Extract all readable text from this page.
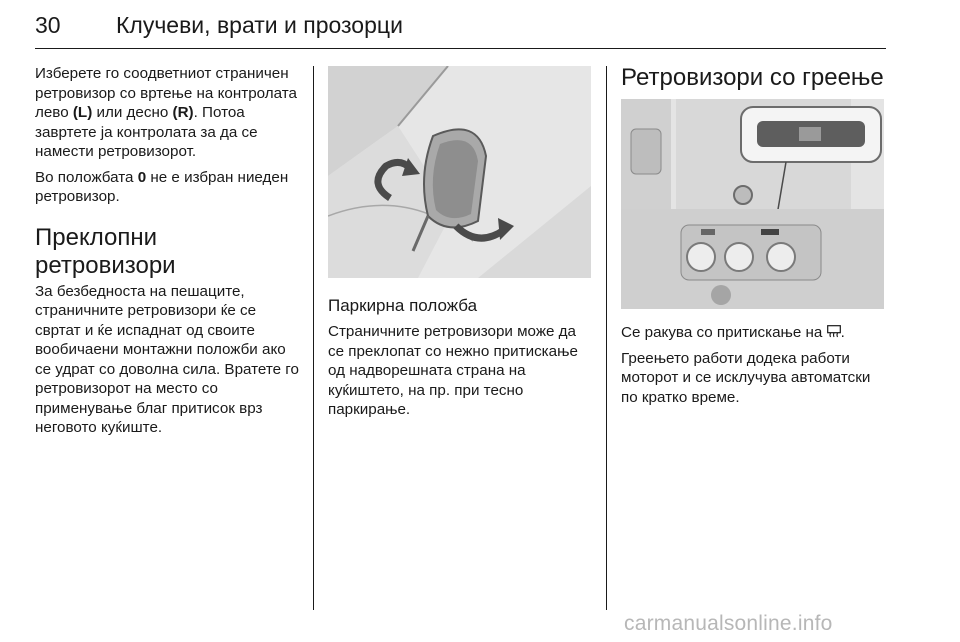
30 Клучеви, врати и прозорци

Изберете го соодветниот страничен ретровизор со вртење на контролата лево (L) или десно (R). Потоа завртете ја контролата за да се намести ретровизорот.

Во положбата 0 не е избран ниеден ретровизор.

Преклопни ретровизори

За безбедноста на пешаците, страничните ретровизори ќе се свртат и ќе испаднат од своите вообичаени монтажни положби ако се удрат со доволна сила. Вратете го ретровизорот на место со применување благ притисок врз неговото куќиште.

Паркирна положба

Страничните ретровизори може да се преклопат со нежно притискање од надворешната страна на куќиштето, на пр. при тесно паркирање.

Ретровизори со греење

Се ракува со притискање на .

Греењето работи додека работи моторот и се исклучува автоматски по кратко време.

carmanualsonline.info
